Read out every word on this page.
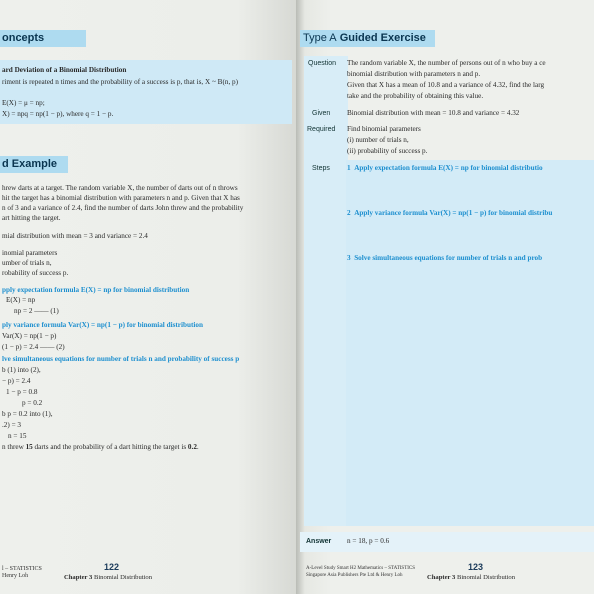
oncepts
ard Deviation of a Binomial Distribution
riment is repeated n times and the probability of a success is p, that is, X ~ B(n, p)
E(X) = μ = np;
X) = npq = np(1 − p), where q = 1 − p.
d Example
hrew darts at a target. The random variable X, the number of darts out of n throws
hit the target has a binomial distribution with parameters n and p. Given that X has
n of 3 and a variance of 2.4, find the number of darts John threw and the probability
art hitting the target.
mial distribution with mean = 3 and variance = 2.4
inomial parameters
umber of trials n,
robability of success p.
pply expectation formula E(X) = np for binomial distribution
E(X) = np
np = 2 —— (1)
ply variance formula Var(X) = np(1 − p) for binomial distribution
Var(X) = np(1 − p)
(1 − p) = 2.4 —— (2)
lve simultaneous equations for number of trials n and probability of success p
b (1) into (2),
− p) = 2.4
1 − p = 0.8
p = 0.2
b p = 0.2 into (1),
.2) = 3
n = 15
n threw 15 darts and the probability of a dart hitting the target is 0.2.
l – STATISTICS
Henry Loh
122
Chapter 3 Binomial Distribution
Type A Guided Exercise
Question The random variable X, the number of persons out of n who buy a ce
binomial distribution with parameters n and p.
Given that X has a mean of 10.8 and a variance of 4.32, find the larg
take and the probability of obtaining this value.
Given Binomial distribution with mean = 10.8 and variance = 4.32
Required Find binomial parameters
(i) number of trials n,
(ii) probability of success p.
Steps 1 Apply expectation formula E(X) = np for binomial distributio
2 Apply variance formula Var(X) = np(1 − p) for binomial distribu
3 Solve simultaneous equations for number of trials n and prob
Answer n = 18, p = 0.6
A-Level Study Smart H2 Mathematics – STATISTICS
Singapore Asia Publishers Pte Ltd & Henry Loh
123
Chapter 3 Binomial Distribution
